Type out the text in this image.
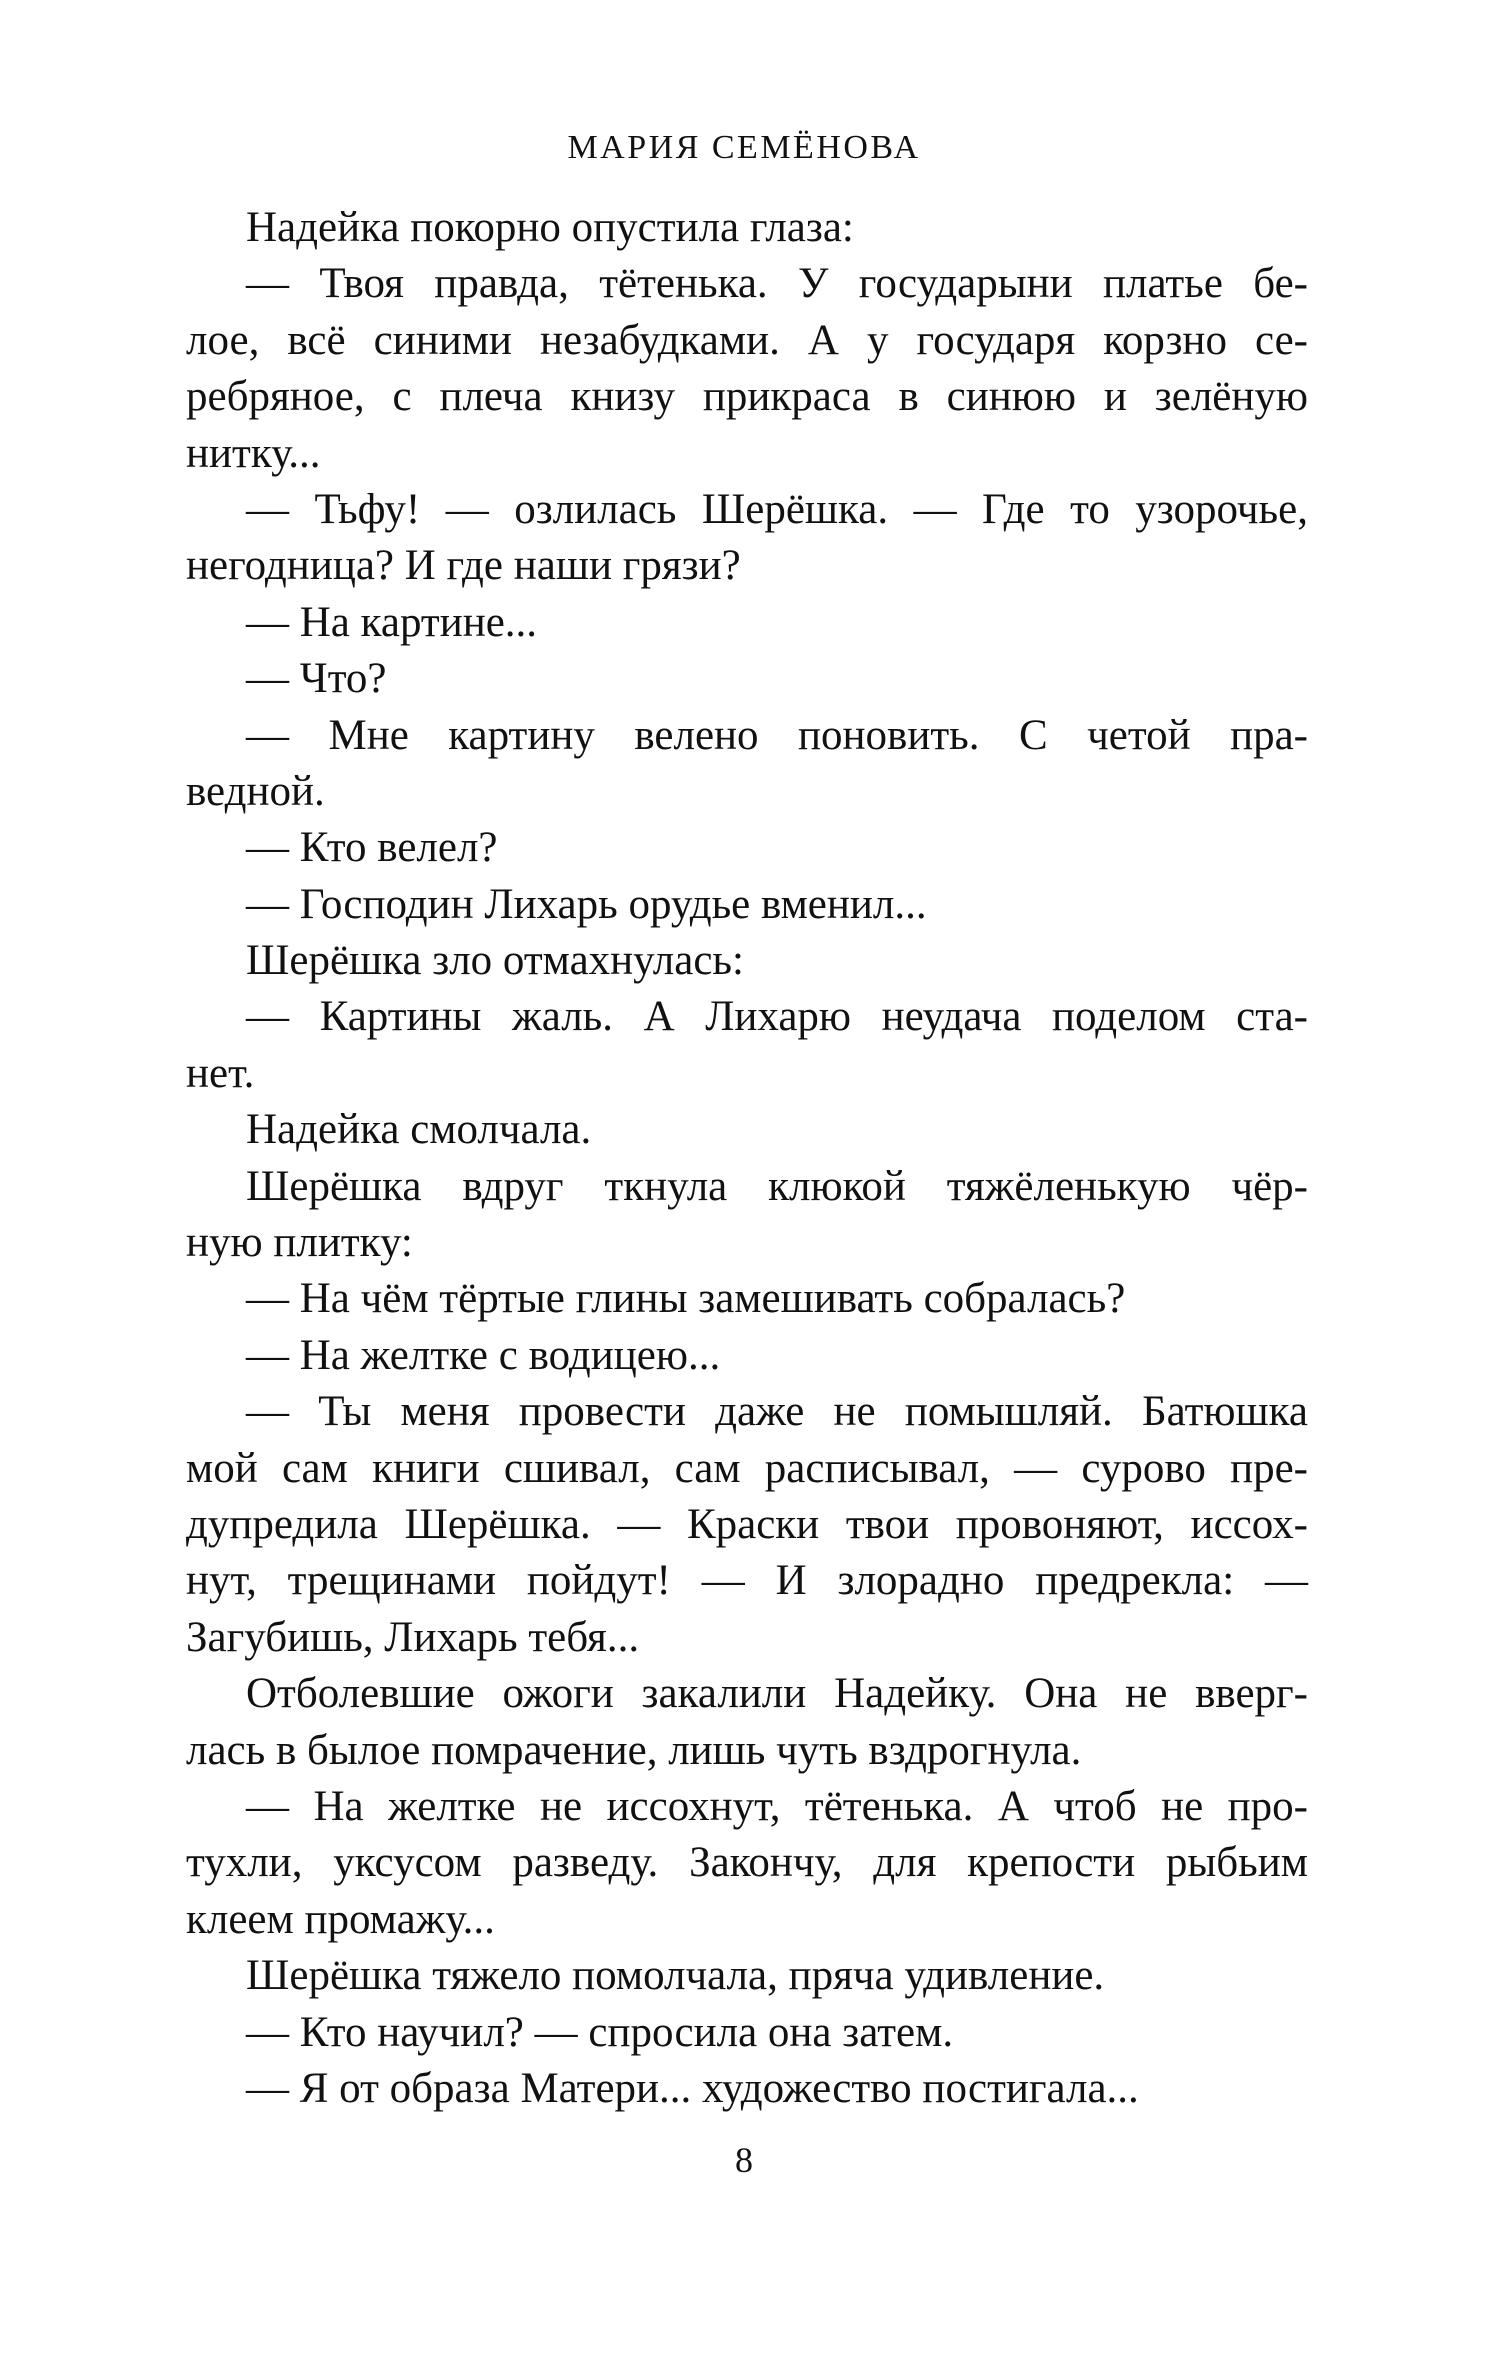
МАРИЯ СЕМЁНОВА
Надейка покорно опустила глаза:
— Твоя правда, тётенька. У государыни платье бе-
лое, всё синими незабудками. А у государя корзно се-
ребряное, с плеча книзу прикраса в синюю и зелёную
нитку...
— Тьфу! — озлилась Шерёшка. — Где то узорочье,
негодница? И где наши грязи?
— На картине...
— Что?
— Мне картину велено поновить. С четой пра-
ведной.
— Кто велел?
— Господин Лихарь орудье вменил...
Шерёшка зло отмахнулась:
— Картины жаль. А Лихарю неудача поделом ста-
нет.
Надейка смолчала.
Шерёшка вдруг ткнула клюкой тяжёленькую чёр-
ную плитку:
— На чём тёртые глины замешивать собралась?
— На желтке с водицею...
— Ты меня провести даже не помышляй. Батюшка
мой сам книги сшивал, сам расписывал, — сурово пре-
дупредила Шерёшка. — Краски твои провоняют, иссох-
нут, трещинами пойдут! — И злорадно предрекла: —
Загубишь, Лихарь тебя...
Отболевшие ожоги закалили Надейку. Она не вверг-
лась в былое помрачение, лишь чуть вздрогнула.
— На желтке не иссохнут, тётенька. А чтоб не про-
тухли, уксусом разведу. Закончу, для крепости рыбьим
клеем промажу...
Шерёшка тяжело помолчала, пряча удивление.
— Кто научил? — спросила она затем.
— Я от образа Матери... художество постигала...
8
